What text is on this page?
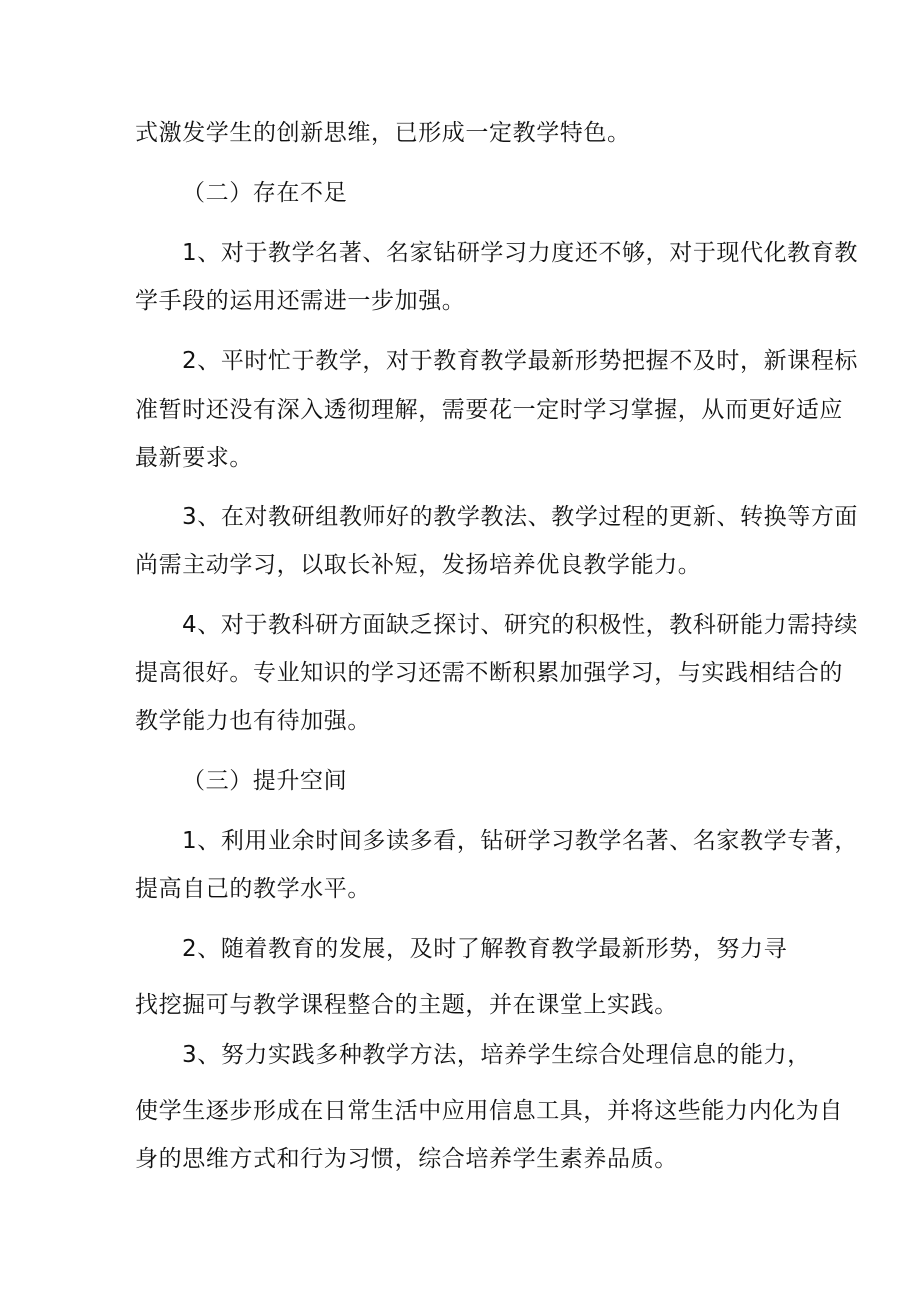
式激发学生的创新思维，已形成一定教学特色。

（二）存在不足

1、对于教学名著、名家钻研学习力度还不够，对于现代化教育教

学手段的运用还需进一步加强。

2、平时忙于教学，对于教育教学最新形势把握不及时，新课程标

准暂时还没有深入透彻理解，需要花一定时学习掌握，从而更好适应

最新要求。

3、在对教研组教师好的教学教法、教学过程的更新、转换等方面

尚需主动学习，以取长补短，发扬培养优良教学能力。

4、对于教科研方面缺乏探讨、研究的积极性，教科研能力需持续

提高很好。专业知识的学习还需不断积累加强学习，与实践相结合的

教学能力也有待加强。

（三）提升空间

1、利用业余时间多读多看，钻研学习教学名著、名家教学专著，

提高自己的教学水平。

2、随着教育的发展，及时了解教育教学最新形势，努力寻

找挖掘可与教学课程整合的主题，并在课堂上实践。

3、努力实践多种教学方法，培养学生综合处理信息的能力，

使学生逐步形成在日常生活中应用信息工具，并将这些能力内化为自

身的思维方式和行为习惯，综合培养学生素养品质。
